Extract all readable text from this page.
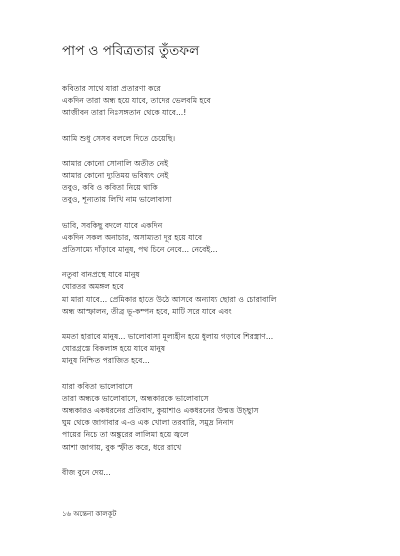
পাপ ও পবিত্রতার তুঁতফল
কবিতার সাথে যারা প্রতারণা করে
একদিন তারা অন্ধ হয়ে যাবে, তাদের ভেলবমি হবে
আজীবন তারা নিঃসঙ্গতান থেকে যাবে...!
আমি শুধু সেসব বললে দিতে চেয়েছি।
আমার কোনো সোনালি অতীত নেই
আমার কোনো দ্যুতিময় ভবিষ্যৎ নেই
তবুও, কবি ও কবিতা নিয়ে থাকি
তবুও, শূন্যতায় লিখি নাম ভালোবাসা
ভাবি, সবকিছু বদলে যাবে একদিন
একদিন সকল অনাচার, অসাম্যতা দূর হয়ে যাবে
প্রতিসাম্যে দাঁড়াবে মানুষ, পথ চিনে নেবে... নেবেই...
নতুবা বানপ্রস্থে যাবে মানুষ
ঘোরতর অমঙ্গল হবে
মা মারা যাবে... প্রেমিকার হাতে উঠে আসবে অন্যায্য ছোরা ও চোরাবালি
অন্ধ আস্ফালন, তীব্র ভূ-কম্পন হবে, মাটি সরে যাবে এবং
মমতা হারাবে মানুষ... ভালোবাসা মূল্যহীন হয়ে ধুলায় গড়াবে শিরস্ত্রাণ...
ঘোরগ্রস্তে বিকলাঙ্গ হয়ে যাবে মানুষ
মানুষ নিশ্চিত পরাজিত হবে...
যারা কবিতা ভালোবাসে
তারা অন্ধকে ভালোবাসে, অন্ধকারকে ভালোবাসে
অন্ধকারও একধরনের প্রতিবাদ, কুয়াশাও একধরনের উন্মত্ত উচ্ছ্বাস
ঘুম থেকে জাগাবার এ-ও এক খোলা তরবারি, সমুদ্র নিনাদ
পায়ের নিচে তা অঙ্কুরের লালিমা হয়ে জ্বলে
আশা জাগায়, বুক স্ফীত করে, ধরে রাখে
বীজ বুনে দেয়...
১৬ অন্তেনা কালকূট
